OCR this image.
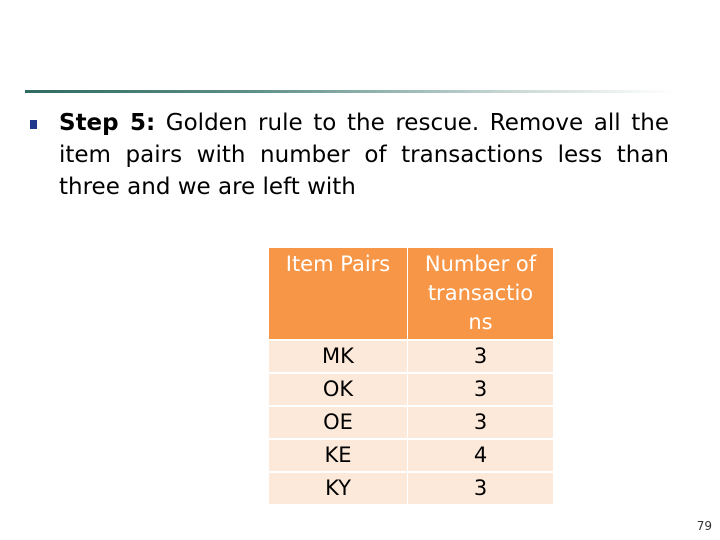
Step 5: Golden rule to the rescue. Remove all the item pairs with number of transactions less than three and we are left with

Item Pairs	Number of
transactio
ns
MK	3
OK	3
OE	3
KE	4
KY	3
79
